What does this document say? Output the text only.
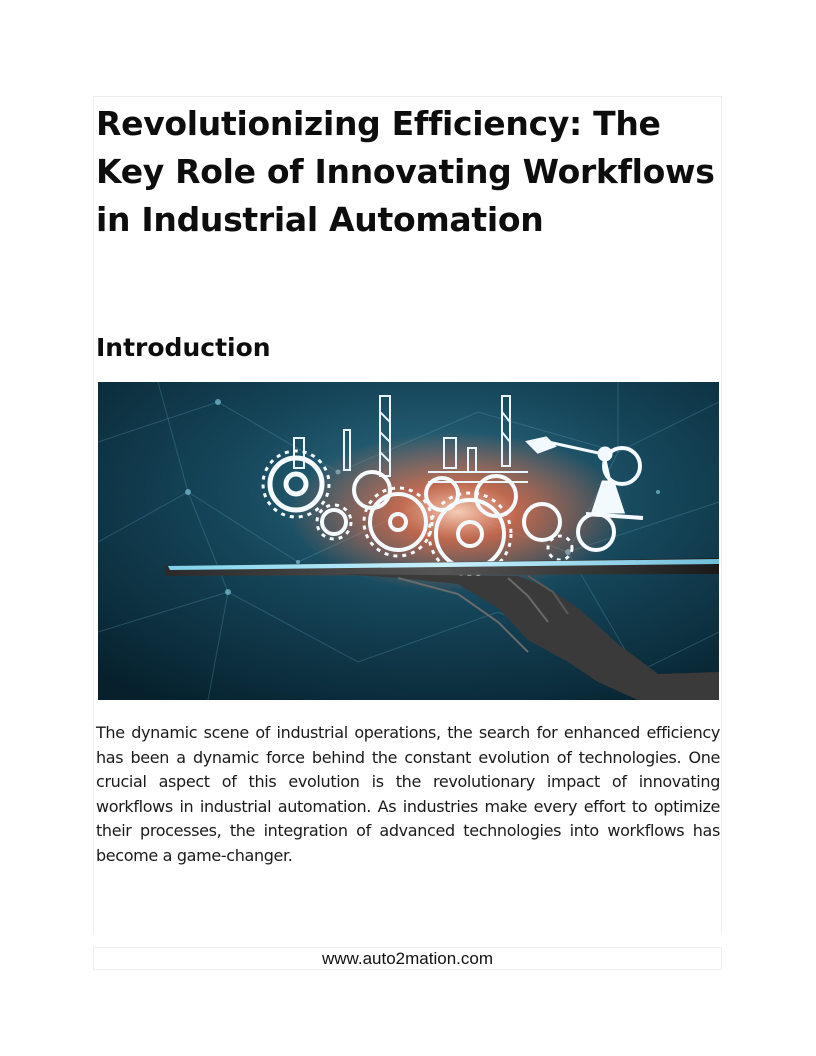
Revolutionizing Efficiency: The Key Role of Innovating Workflows in Industrial Automation
Introduction

The dynamic scene of industrial operations, the search for enhanced efficiency has been a dynamic force behind the constant evolution of technologies. One crucial aspect of this evolution is the revolutionary impact of innovating workflows in industrial automation. As industries make every effort to optimize their processes, the integration of advanced technologies into workflows has become a game-changer.

www.auto2mation.com
